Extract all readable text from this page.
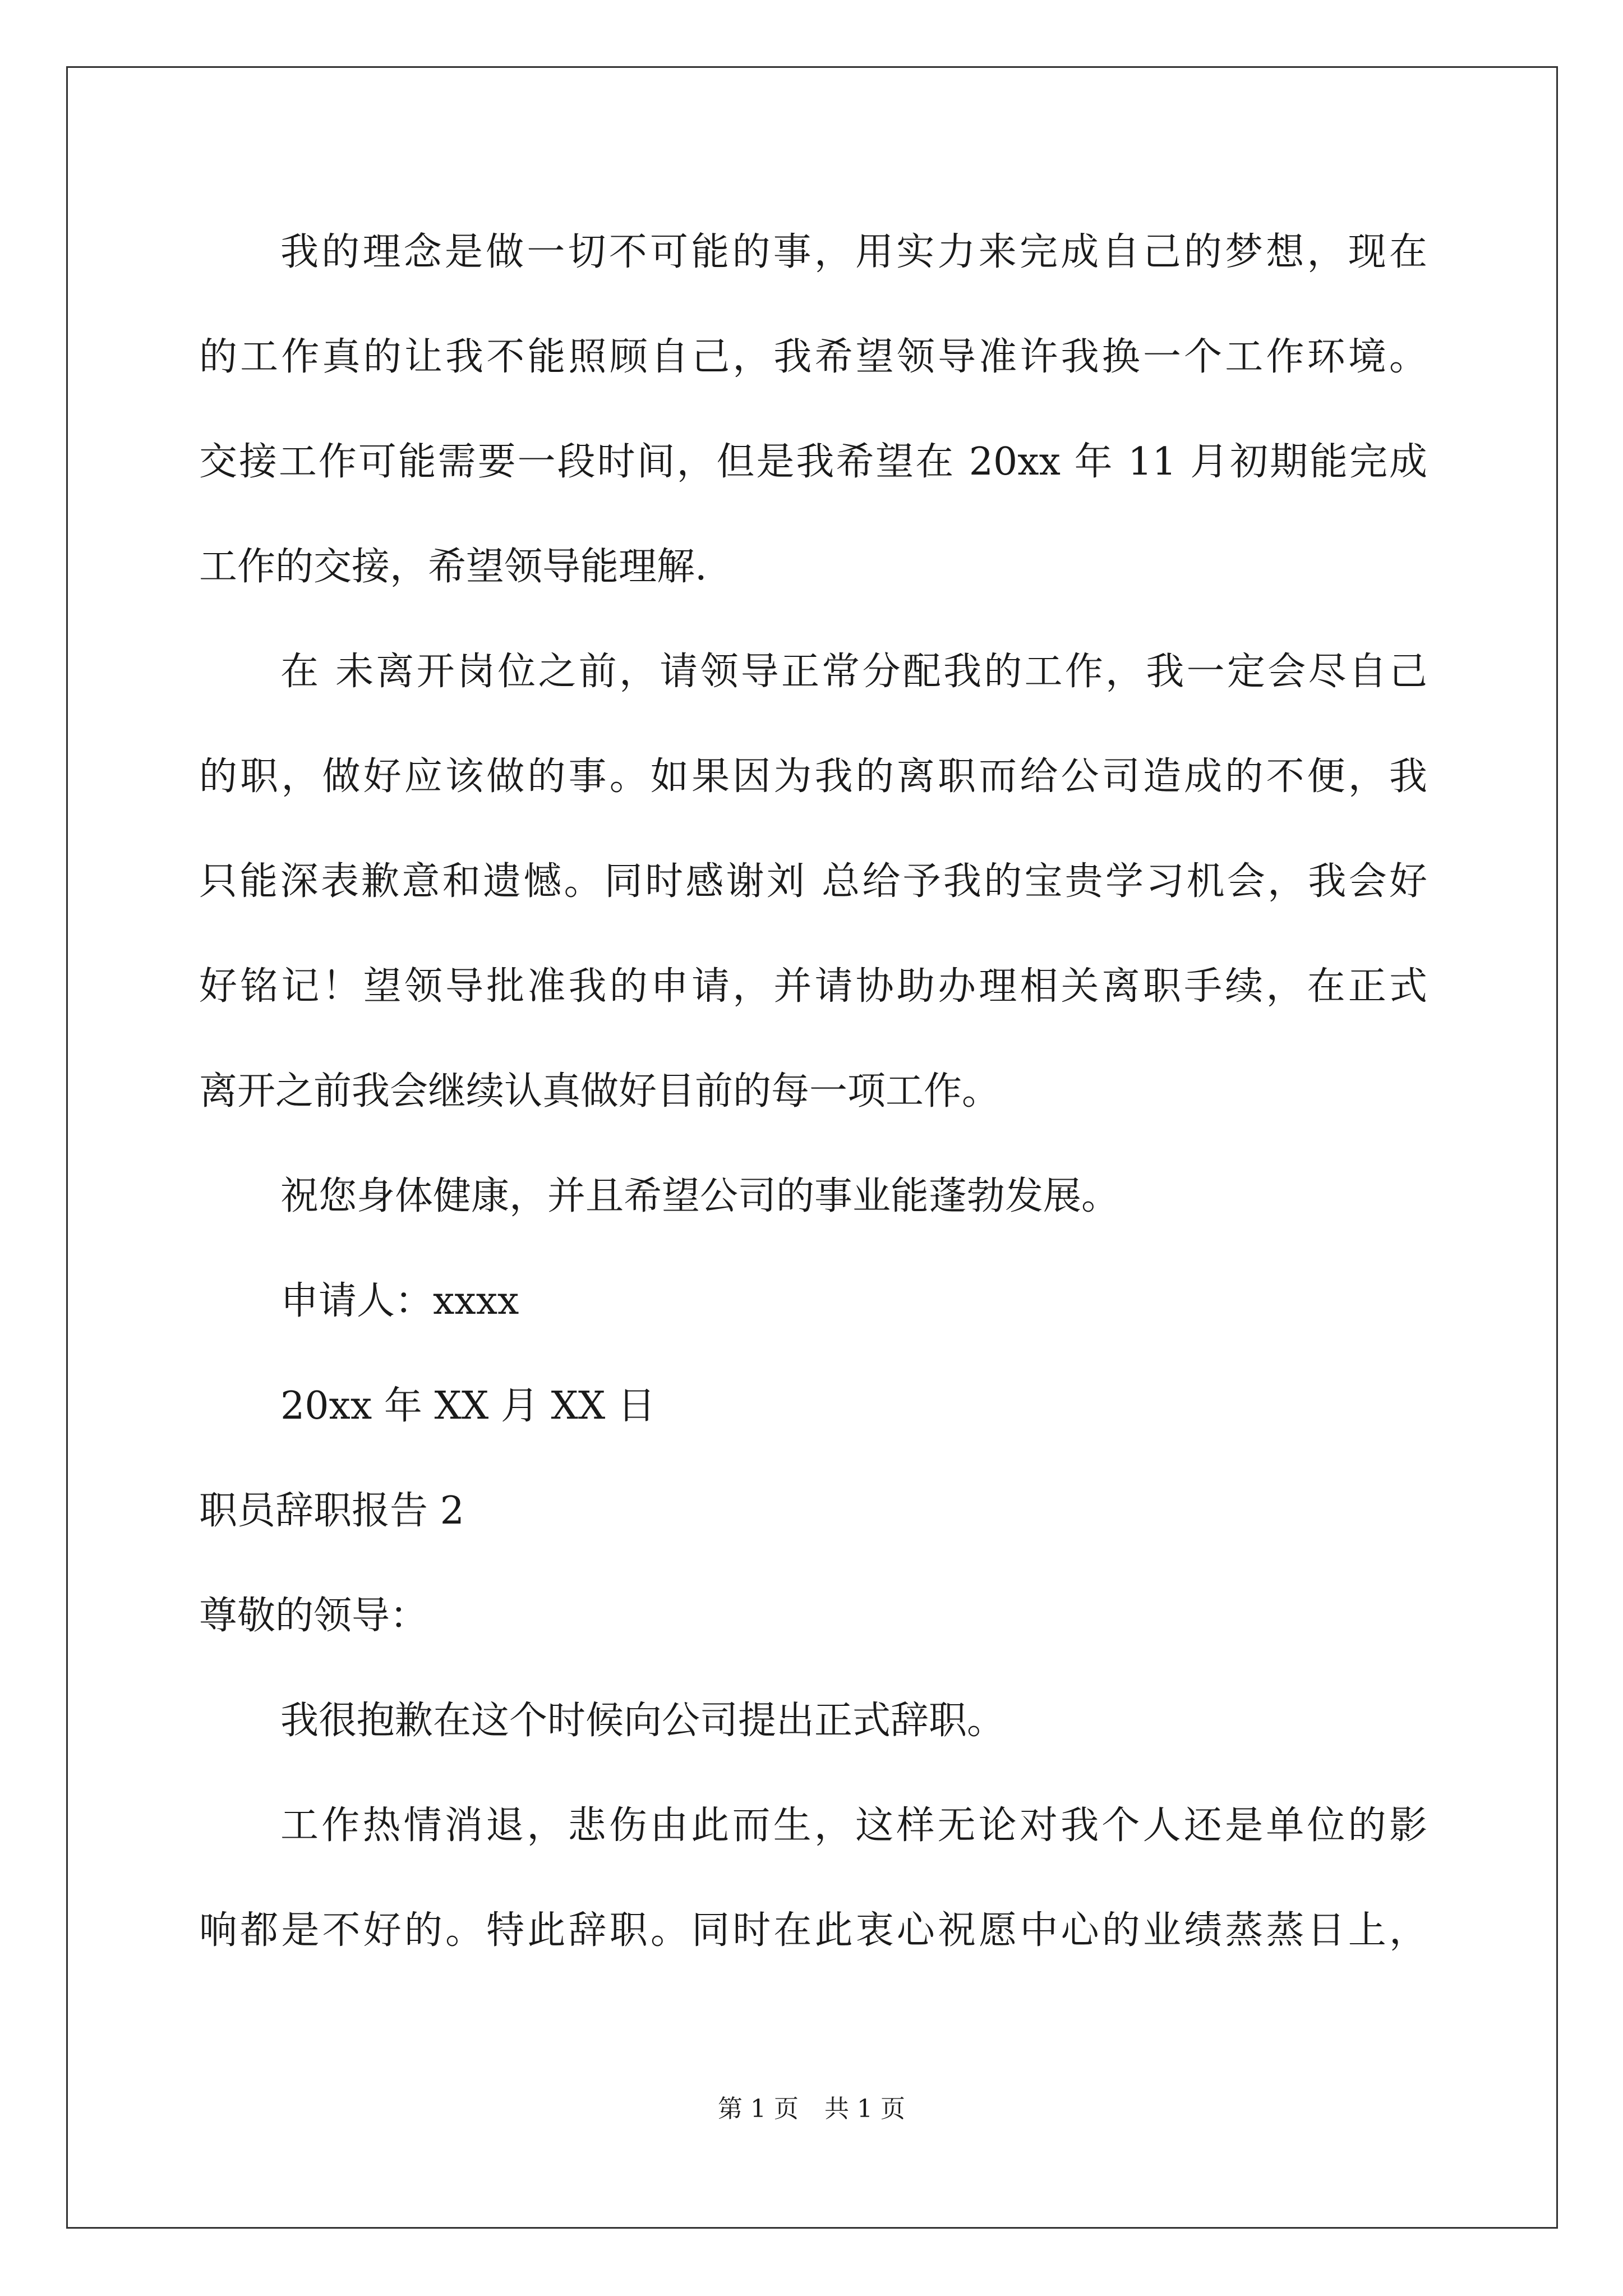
我的理念是做一切不可能的事，用实力来完成自己的梦想，现在
的工作真的让我不能照顾自己，我希望领导准许我换一个工作环境。
交接工作可能需要一段时间，但是我希望在 20xx 年 11 月初期能完成
工作的交接，希望领导能理解.
在 未离开岗位之前，请领导正常分配我的工作，我一定会尽自己
的职，做好应该做的事。如果因为我的离职而给公司造成的不便，我
只能深表歉意和遗憾。同时感谢刘 总给予我的宝贵学习机会，我会好
好铭记！望领导批准我的申请，并请协助办理相关离职手续，在正式
离开之前我会继续认真做好目前的每一项工作。
祝您身体健康，并且希望公司的事业能蓬勃发展。
申请人：xxxx
20xx 年 XX 月 XX 日
职员辞职报告 2
尊敬的领导：
我很抱歉在这个时候向公司提出正式辞职。
工作热情消退，悲伤由此而生，这样无论对我个人还是单位的影
响都是不好的。特此辞职。同时在此衷心祝愿中心的业绩蒸蒸日上，
第 1 页 共 1 页
